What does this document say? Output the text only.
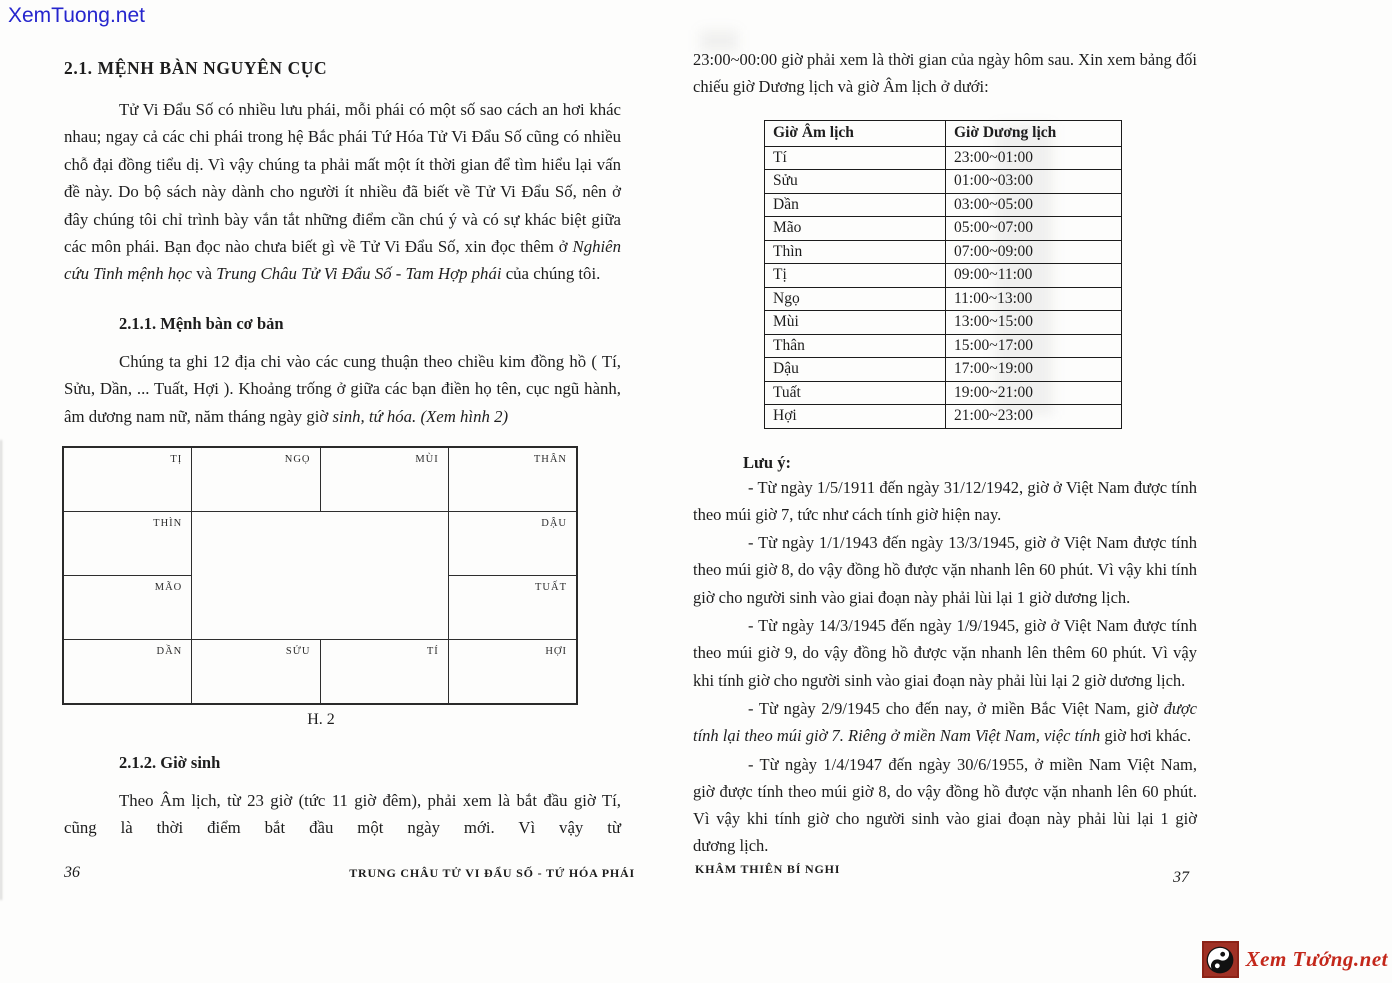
XemTuong.net
2.1. MỆNH BÀN NGUYÊN CỤC

Tử Vi Đẩu Số có nhiều lưu phái, mỗi phái có một số sao cách an hơi khác nhau; ngay cả các chi phái trong hệ Bắc phái Tứ Hóa Tử Vi Đẩu Số cũng có nhiều chỗ đại đồng tiểu dị. Vì vậy chúng ta phải mất một ít thời gian để tìm hiểu lại vấn đề này. Do bộ sách này dành cho người ít nhiều đã biết về Tử Vi Đẩu Số, nên ở đây chúng tôi chỉ trình bày vắn tắt những điểm cần chú ý và có sự khác biệt giữa các môn phái. Bạn đọc nào chưa biết gì về Tử Vi Đẩu Số, xin đọc thêm ở Nghiên cứu Tinh mệnh học và Trung Châu Tử Vi Đẩu Số - Tam Hợp phái của chúng tôi.

2.1.1. Mệnh bàn cơ bản

Chúng ta ghi 12 địa chi vào các cung thuận theo chiều kim đồng hồ ( Tí, Sửu, Dần, ... Tuất, Hợi ). Khoảng trống ở giữa các bạn điền họ tên, cục ngũ hành, âm dương nam nữ, năm tháng ngày giờ sinh, tứ hóa. (Xem hình 2)

TỊ	NGỌ	MÙI	THÂN
THÌN	DẬU
MÃO	TUẤT
DẦN	SỬU	TÍ	HỢI
H. 2
2.1.2. Giờ sinh

Theo Âm lịch, từ 23 giờ (tức 11 giờ đêm), phải xem là bắt đầu giờ Tí, cũng là thời điểm bắt đầu một ngày mới. Vì vậy từ

36	TRUNG CHÂU TỬ VI ĐẨU SỐ - TỨ HÓA PHÁI

23:00~00:00 giờ phải xem là thời gian của ngày hôm sau. Xin xem bảng đối chiếu giờ Dương lịch và giờ Âm lịch ở dưới:

Giờ Âm lịch	Giờ Dương lịch
Tí	23:00~01:00
Sửu	01:00~03:00
Dần	03:00~05:00
Mão	05:00~07:00
Thìn	07:00~09:00
Tị	09:00~11:00
Ngọ	11:00~13:00
Mùi	13:00~15:00
Thân	15:00~17:00
Dậu	17:00~19:00
Tuất	19:00~21:00
Hợi	21:00~23:00
Lưu ý:

- Từ ngày 1/5/1911 đến ngày 31/12/1942, giờ ở Việt Nam được tính theo múi giờ 7, tức như cách tính giờ hiện nay.

- Từ ngày 1/1/1943 đến ngày 13/3/1945, giờ ở Việt Nam được tính theo múi giờ 8, do vậy đồng hồ được vặn nhanh lên 60 phút. Vì vậy khi tính giờ cho người sinh vào giai đoạn này phải lùi lại 1 giờ dương lịch.

- Từ ngày 14/3/1945 đến ngày 1/9/1945, giờ ở Việt Nam được tính theo múi giờ 9, do vậy đồng hồ được vặn nhanh lên thêm 60 phút. Vì vậy khi tính giờ cho người sinh vào giai đoạn này phải lùi lại 2 giờ dương lịch.

- Từ ngày 2/9/1945 cho đến nay, ở miền Bắc Việt Nam, giờ được tính lại theo múi giờ 7. Riêng ở miền Nam Việt Nam, việc tính giờ hơi khác.

- Từ ngày 1/4/1947 đến ngày 30/6/1955, ở miền Nam Việt Nam, giờ được tính theo múi giờ 8, do vậy đồng hồ được vặn nhanh lên 60 phút. Vì vậy khi tính giờ cho người sinh vào giai đoạn này phải lùi lại 1 giờ dương lịch.

KHÂM THIÊN BÍ NGHI	37
Xem Tướng.net
